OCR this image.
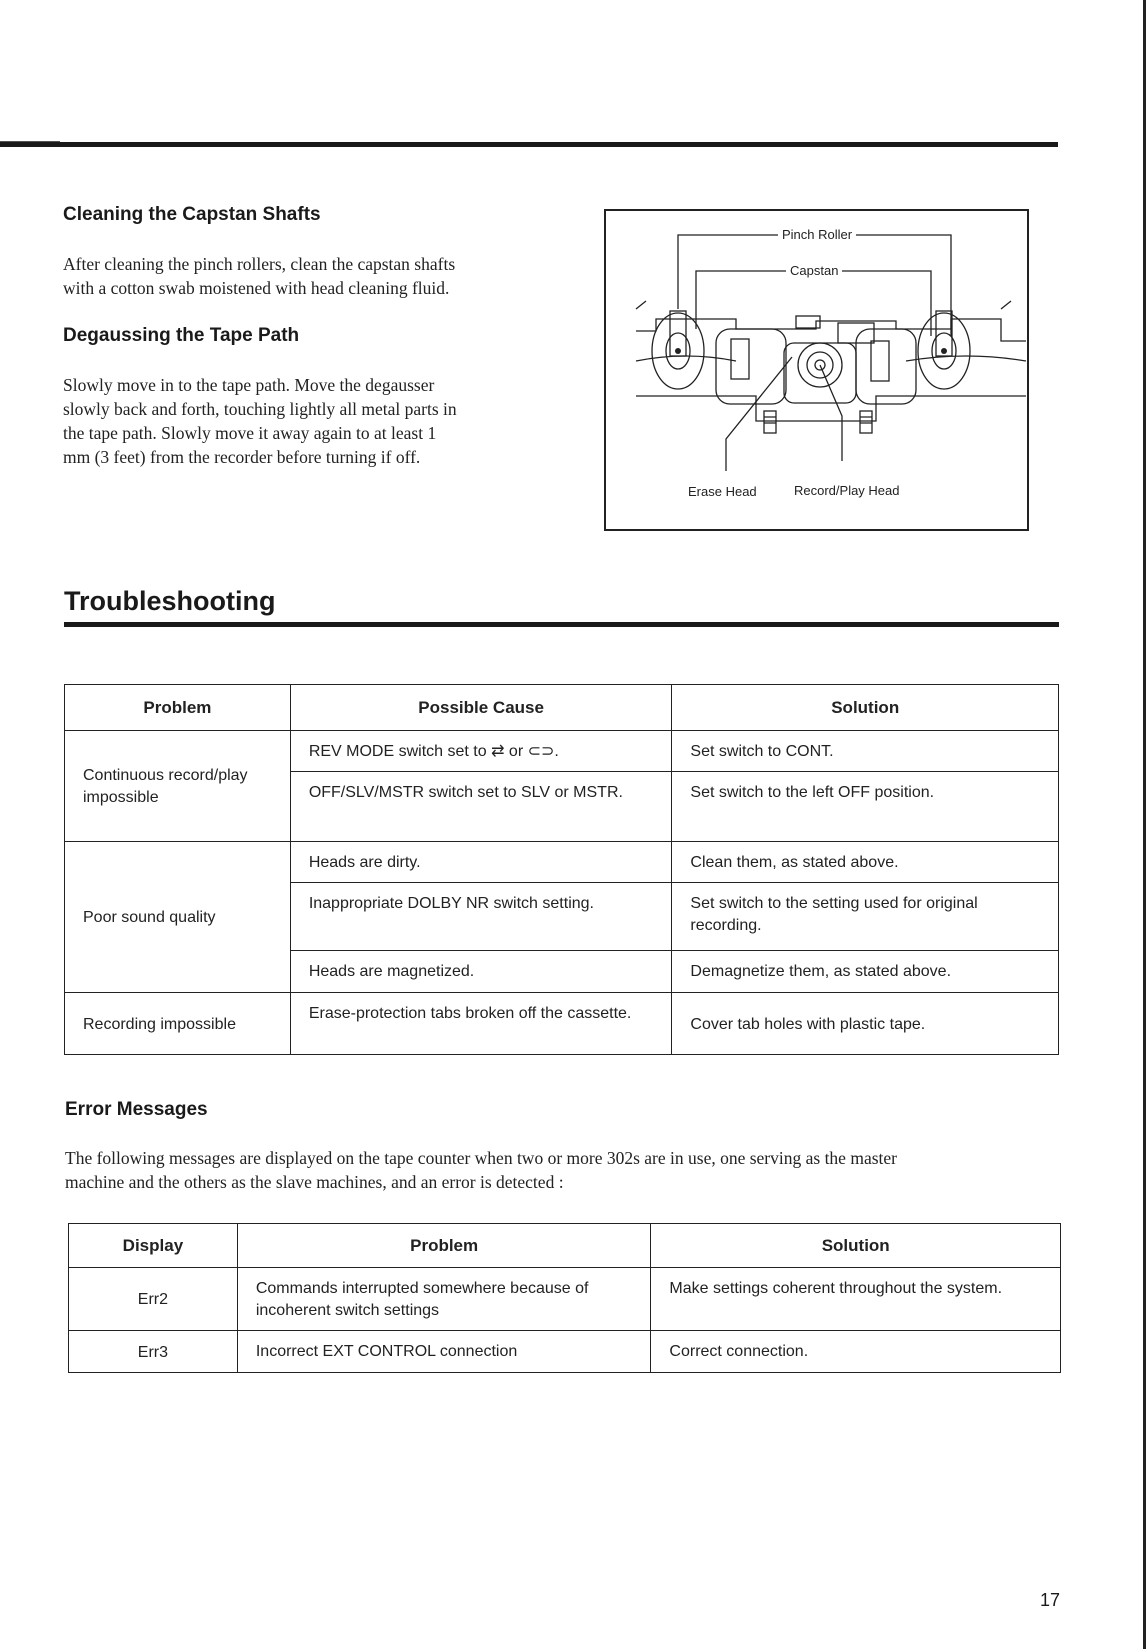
Cleaning the Capstan Shafts

After cleaning the pinch rollers, clean the capstan shafts

with a cotton swab moistened with head cleaning fluid.

Degaussing the Tape Path

Slowly move in to the tape path. Move the degausser

slowly back and forth, touching lightly all metal parts in

the tape path. Slowly move it away again to at least 1

mm (3 feet) from the recorder before turning if off.

Pinch Roller
Capstan
Erase Head	Record/Play Head
Troubleshooting
Problem	Possible Cause	Solution

Continuous record/play impossible	REV MODE switch set to ⇄ or ⊂⊃.	Set switch to CONT.

	OFF/SLV/MSTR switch set to SLV or MSTR.	Set switch to the left OFF position.

Poor sound quality	Heads are dirty.	Clean them, as stated above.

	Inappropriate DOLBY NR switch setting.	Set switch to the setting used for original recording.

	Heads are magnetized.	Demagnetize them, as stated above.

Recording impossible	Erase-protection tabs broken off the cassette.	Cover tab holes with plastic tape.
Error Messages

The following messages are displayed on the tape counter when two or more 302s are in use, one serving as the master

machine and the others as the slave machines, and an error is detected :

Display	Problem	Solution

Err2	Commands interrupted somewhere because of incoherent switch settings	Make settings coherent throughout the system.

Err3	Incorrect EXT CONTROL connection	Correct connection.
17
